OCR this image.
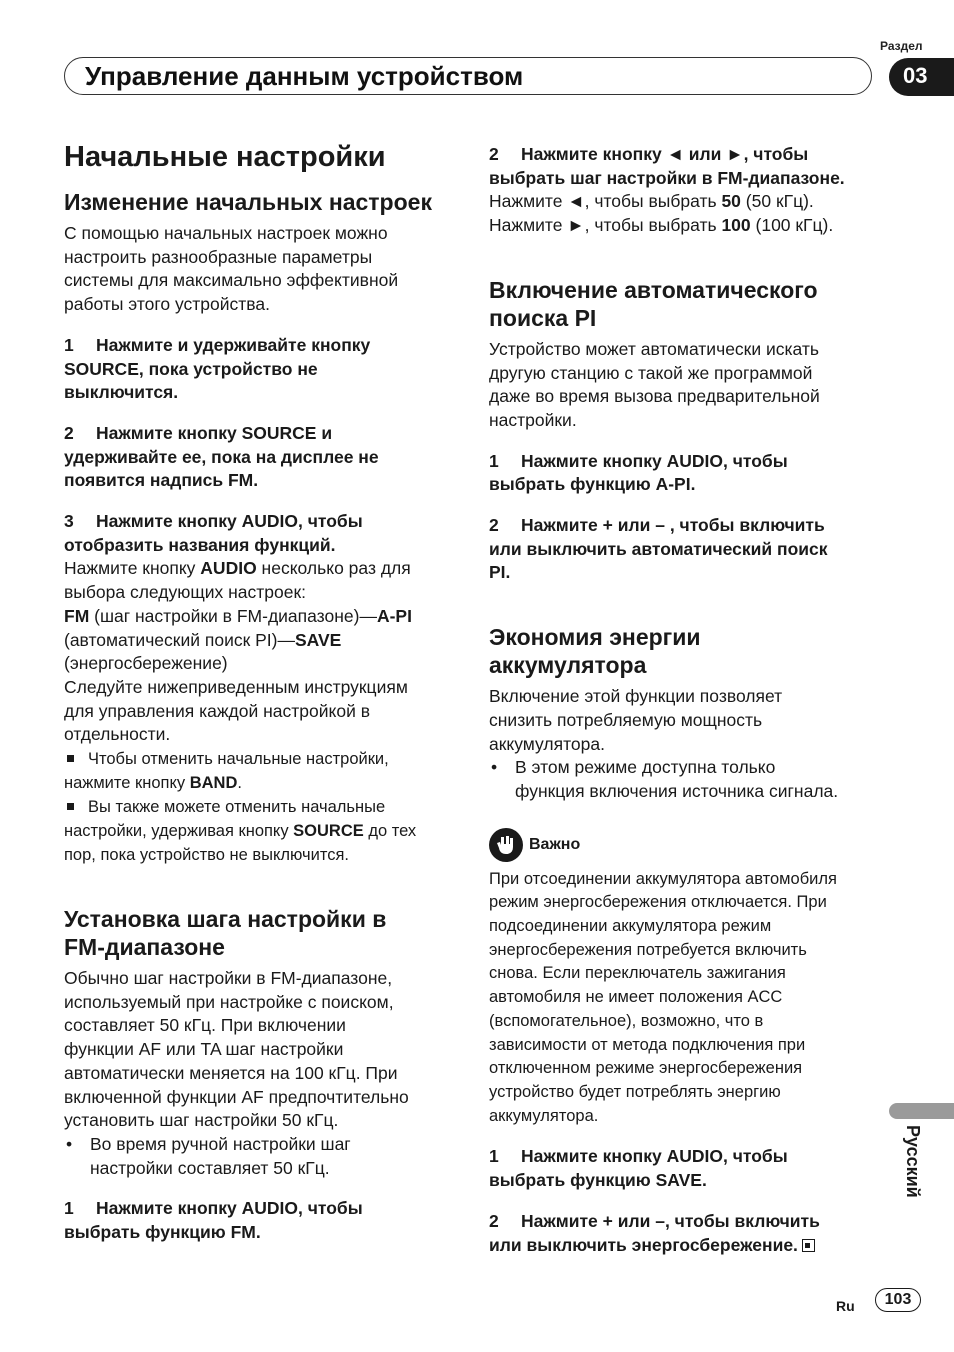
Раздел
Управление данным устройством	03
Начальные настройки
Изменение начальных настроек

С помощью начальных настроек можно
настроить разнообразные параметры
системы для максимально эффективной
работы этого устройства.

1 Нажмите и удерживайте кнопку
SOURCE, пока устройство не
выключится.

2 Нажмите кнопку SOURCE и
удерживайте ее, пока на дисплее не
появится надпись FM.

3 Нажмите кнопку AUDIO, чтобы
отобразить названия функций.

Нажмите кнопку AUDIO несколько раз для
выбора следующих настроек:
FM (шаг настройки в FM-диапазоне)—A-PI
(автоматический поиск PI)—SAVE
(энергосбережение)
Следуйте нижеприведенным инструкциям
для управления каждой настройкой в
отдельности.

Чтобы отменить начальные настройки,
нажмите кнопку BAND.

Вы также можете отменить начальные
настройки, удерживая кнопку SOURCE до тех
пор, пока устройство не выключится.

Установка шага настройки в
FM-диапазоне

Обычно шаг настройки в FM-диапазоне,
используемый при настройке с поиском,
составляет 50 кГц. При включении
функции AF или TA шаг настройки
автоматически меняется на 100 кГц. При
включенной функции AF предпочтительно
установить шаг настройки 50 кГц.

• Во время ручной настройки шаг
настройки составляет 50 кГц.

1 Нажмите кнопку AUDIO, чтобы
выбрать функцию FM.

2 Нажмите кнопку ◄ или ►, чтобы
выбрать шаг настройки в FM-диапазоне.

Нажмите ◄, чтобы выбрать 50 (50 кГц).
Нажмите ►, чтобы выбрать 100 (100 кГц).

Включение автоматического
поиска PI

Устройство может автоматически искать
другую станцию с такой же программой
даже во время вызова предварительной
настройки.

1 Нажмите кнопку AUDIO, чтобы
выбрать функцию A-PI.

2 Нажмите + или – , чтобы включить
или выключить автоматический поиск
PI.

Экономия энергии
аккумулятора

Включение этой функции позволяет
снизить потребляемую мощность
аккумулятора.

• В этом режиме доступна только
функция включения источника сигнала.

Важно

При отсоединении аккумулятора автомобиля
режим энергосбережения отключается. При
подсоединении аккумулятора режим
энергосбережения потребуется включить
снова. Если переключатель зажигания
автомобиля не имеет положения ACC
(вспомогательное), возможно, что в
зависимости от метода подключения при
отключенном режиме энергосбережения
устройство будет потреблять энергию
аккумулятора.

1 Нажмите кнопку AUDIO, чтобы
выбрать функцию SAVE.

2 Нажмите + или –, чтобы включить
или выключить энергосбережение.

Русский
Ru	103
